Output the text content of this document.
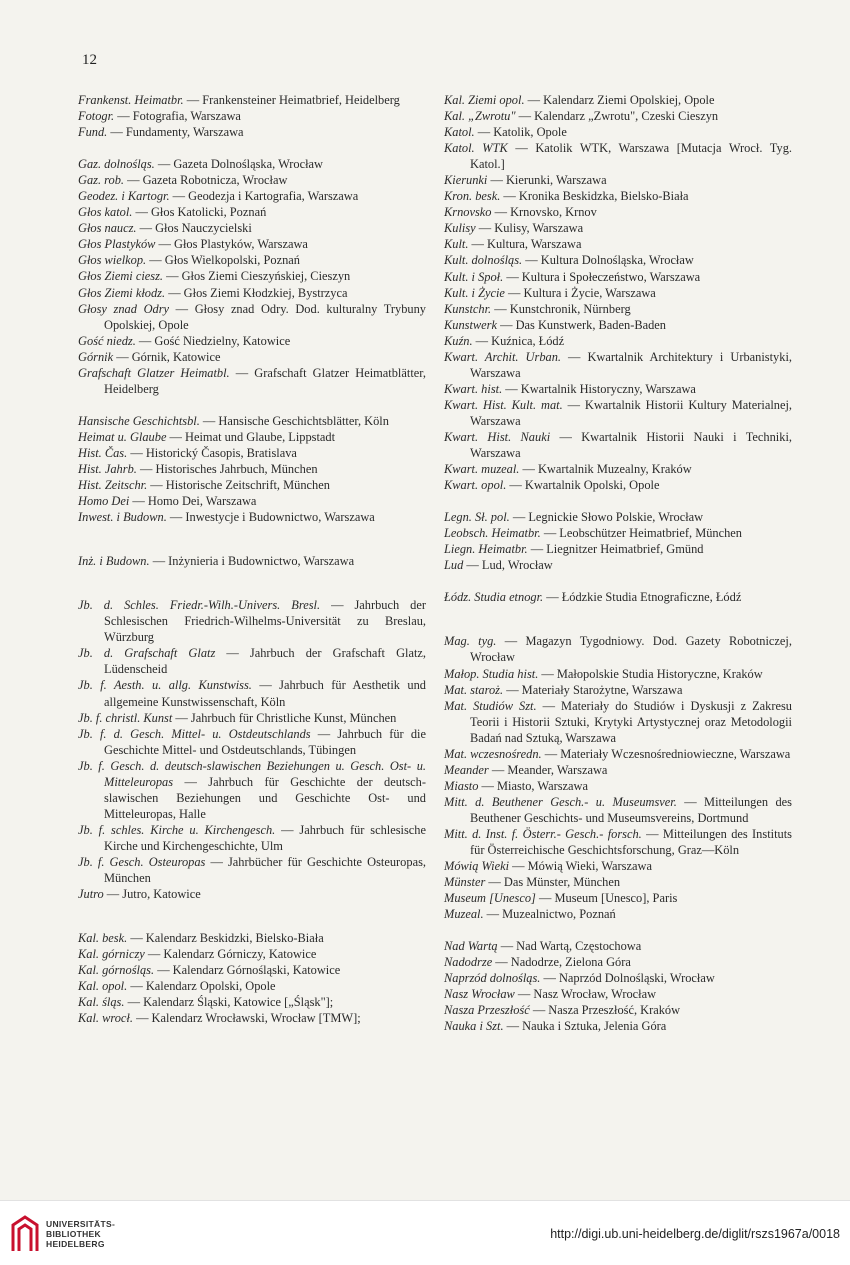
12

Frankenst. Heimatbr. — Frankensteiner Heimatbrief, Heidelberg

Fotogr. — Fotografia, Warszawa

Fund. — Fundamenty, Warszawa

Gaz. dolnośląs. — Gazeta Dolnośląska, Wrocław

Gaz. rob. — Gazeta Robotnicza, Wrocław

Geodez. i Kartogr. — Geodezja i Kartografia, Warszawa

Głos katol. — Głos Katolicki, Poznań

Głos naucz. — Głos Nauczycielski

Głos Plastyków — Głos Plastyków, Warszawa

Głos wielkop. — Głos Wielkopolski, Poznań

Głos Ziemi ciesz. — Głos Ziemi Cieszyńskiej, Cieszyn

Głos Ziemi kłodz. — Głos Ziemi Kłodzkiej, Bystrzyca

Głosy znad Odry — Głosy znad Odry. Dod. kulturalny Trybuny Opolskiej, Opole

Gość niedz. — Gość Niedzielny, Katowice

Górnik — Górnik, Katowice

Grafschaft Glatzer Heimatbl. — Grafschaft Glatzer Heimatblätter, Heidelberg

Hansische Geschichtsbl. — Hansische Geschichtsblätter, Köln

Heimat u. Glaube — Heimat und Glaube, Lippstadt

Hist. Čas. — Historický Časopis, Bratislava

Hist. Jahrb. — Historisches Jahrbuch, München

Hist. Zeitschr. — Historische Zeitschrift, München

Homo Dei — Homo Dei, Warszawa

Inwest. i Budown. — Inwestycje i Budownictwo, Warszawa

Inż. i Budown. — Inżynieria i Budownictwo, Warszawa

Jb. d. Schles. Friedr.-Wilh.-Univers. Bresl. — Jahrbuch der Schlesischen Friedrich-Wilhelms-Universität zu Breslau, Würzburg

Jb. d. Grafschaft Glatz — Jahrbuch der Grafschaft Glatz, Lüdenscheid

Jb. f. Aesth. u. allg. Kunstwiss. — Jahrbuch für Aesthetik und allgemeine Kunstwissenschaft, Köln

Jb. f. christl. Kunst — Jahrbuch für Christliche Kunst, München

Jb. f. d. Gesch. Mittel- u. Ostdeutschlands — Jahrbuch für die Geschichte Mittel- und Ostdeutschlands, Tübingen

Jb. f. Gesch. d. deutsch-slawischen Beziehungen u. Gesch. Ost- u. Mitteleuropas — Jahrbuch für Geschichte der deutsch-slawischen Beziehungen und Geschichte Ost- und Mitteleuropas, Halle

Jb. f. schles. Kirche u. Kirchengesch. — Jahrbuch für schlesische Kirche und Kirchengeschichte, Ulm

Jb. f. Gesch. Osteuropas — Jahrbücher für Geschichte Osteuropas, München

Jutro — Jutro, Katowice

Kal. besk. — Kalendarz Beskidzki, Bielsko-Biała

Kal. górniczy — Kalendarz Górniczy, Katowice

Kal. górnośląs. — Kalendarz Górnośląski, Katowice

Kal. opol. — Kalendarz Opolski, Opole

Kal. śląs. — Kalendarz Śląski, Katowice [„Śląsk"];

Kal. wrocł. — Kalendarz Wrocławski, Wrocław [TMW];

Kal. Ziemi opol. — Kalendarz Ziemi Opolskiej, Opole

Kal. „Zwrotu" — Kalendarz „Zwrotu", Czeski Cieszyn

Katol. — Katolik, Opole

Katol. WTK — Katolik WTK, Warszawa [Mutacja Wrocł. Tyg. Katol.]

Kierunki — Kierunki, Warszawa

Kron. besk. — Kronika Beskidzka, Bielsko-Biała

Krnovsko — Krnovsko, Krnov

Kulisy — Kulisy, Warszawa

Kult. — Kultura, Warszawa

Kult. dolnośląs. — Kultura Dolnośląska, Wrocław

Kult. i Społ. — Kultura i Społeczeństwo, Warszawa

Kult. i Życie — Kultura i Życie, Warszawa

Kunstchr. — Kunstchronik, Nürnberg

Kunstwerk — Das Kunstwerk, Baden-Baden

Kuźn. — Kuźnica, Łódź

Kwart. Archit. Urban. — Kwartalnik Architektury i Urbanistyki, Warszawa

Kwart. hist. — Kwartalnik Historyczny, Warszawa

Kwart. Hist. Kult. mat. — Kwartalnik Historii Kultury Materialnej, Warszawa

Kwart. Hist. Nauki — Kwartalnik Historii Nauki i Techniki, Warszawa

Kwart. muzeal. — Kwartalnik Muzealny, Kraków

Kwart. opol. — Kwartalnik Opolski, Opole

Legn. Sł. pol. — Legnickie Słowo Polskie, Wrocław

Leobsch. Heimatbr. — Leobschützer Heimatbrief, München

Liegn. Heimatbr. — Liegnitzer Heimatbrief, Gmünd

Lud — Lud, Wrocław

Łódz. Studia etnogr. — Łódzkie Studia Etnograficzne, Łódź

Mag. tyg. — Magazyn Tygodniowy. Dod. Gazety Robotniczej, Wrocław

Małop. Studia hist. — Małopolskie Studia Historyczne, Kraków

Mat. staroż. — Materiały Starożytne, Warszawa

Mat. Studiów Szt. — Materiały do Studiów i Dyskusji z Zakresu Teorii i Historii Sztuki, Krytyki Artystycznej oraz Metodologii Badań nad Sztuką, Warszawa

Mat. wczesnośredn. — Materiały Wczesnośredniowieczne, Warszawa

Meander — Meander, Warszawa

Miasto — Miasto, Warszawa

Mitt. d. Beuthener Gesch.- u. Museumsver. — Mitteilungen des Beuthener Geschichts- und Museumsvereins, Dortmund

Mitt. d. Inst. f. Österr.- Gesch.- forsch. — Mitteilungen des Instituts für Österreichische Geschichtsforschung, Graz—Köln

Mówią Wieki — Mówią Wieki, Warszawa

Münster — Das Münster, München

Museum [Unesco] — Museum [Unesco], Paris

Muzeal. — Muzealnictwo, Poznań

Nad Wartą — Nad Wartą, Częstochowa

Nadodrze — Nadodrze, Zielona Góra

Naprzód dolnośląs. — Naprzód Dolnośląski, Wrocław

Nasz Wrocław — Nasz Wrocław, Wrocław

Nasza Przeszłość — Nasza Przeszłość, Kraków

Nauka i Szt. — Nauka i Sztuka, Jelenia Góra

UNIVERSITÄTS-
BIBLIOTHEK
HEIDELBERG
http://digi.ub.uni-heidelberg.de/diglit/rszs1967a/0018
